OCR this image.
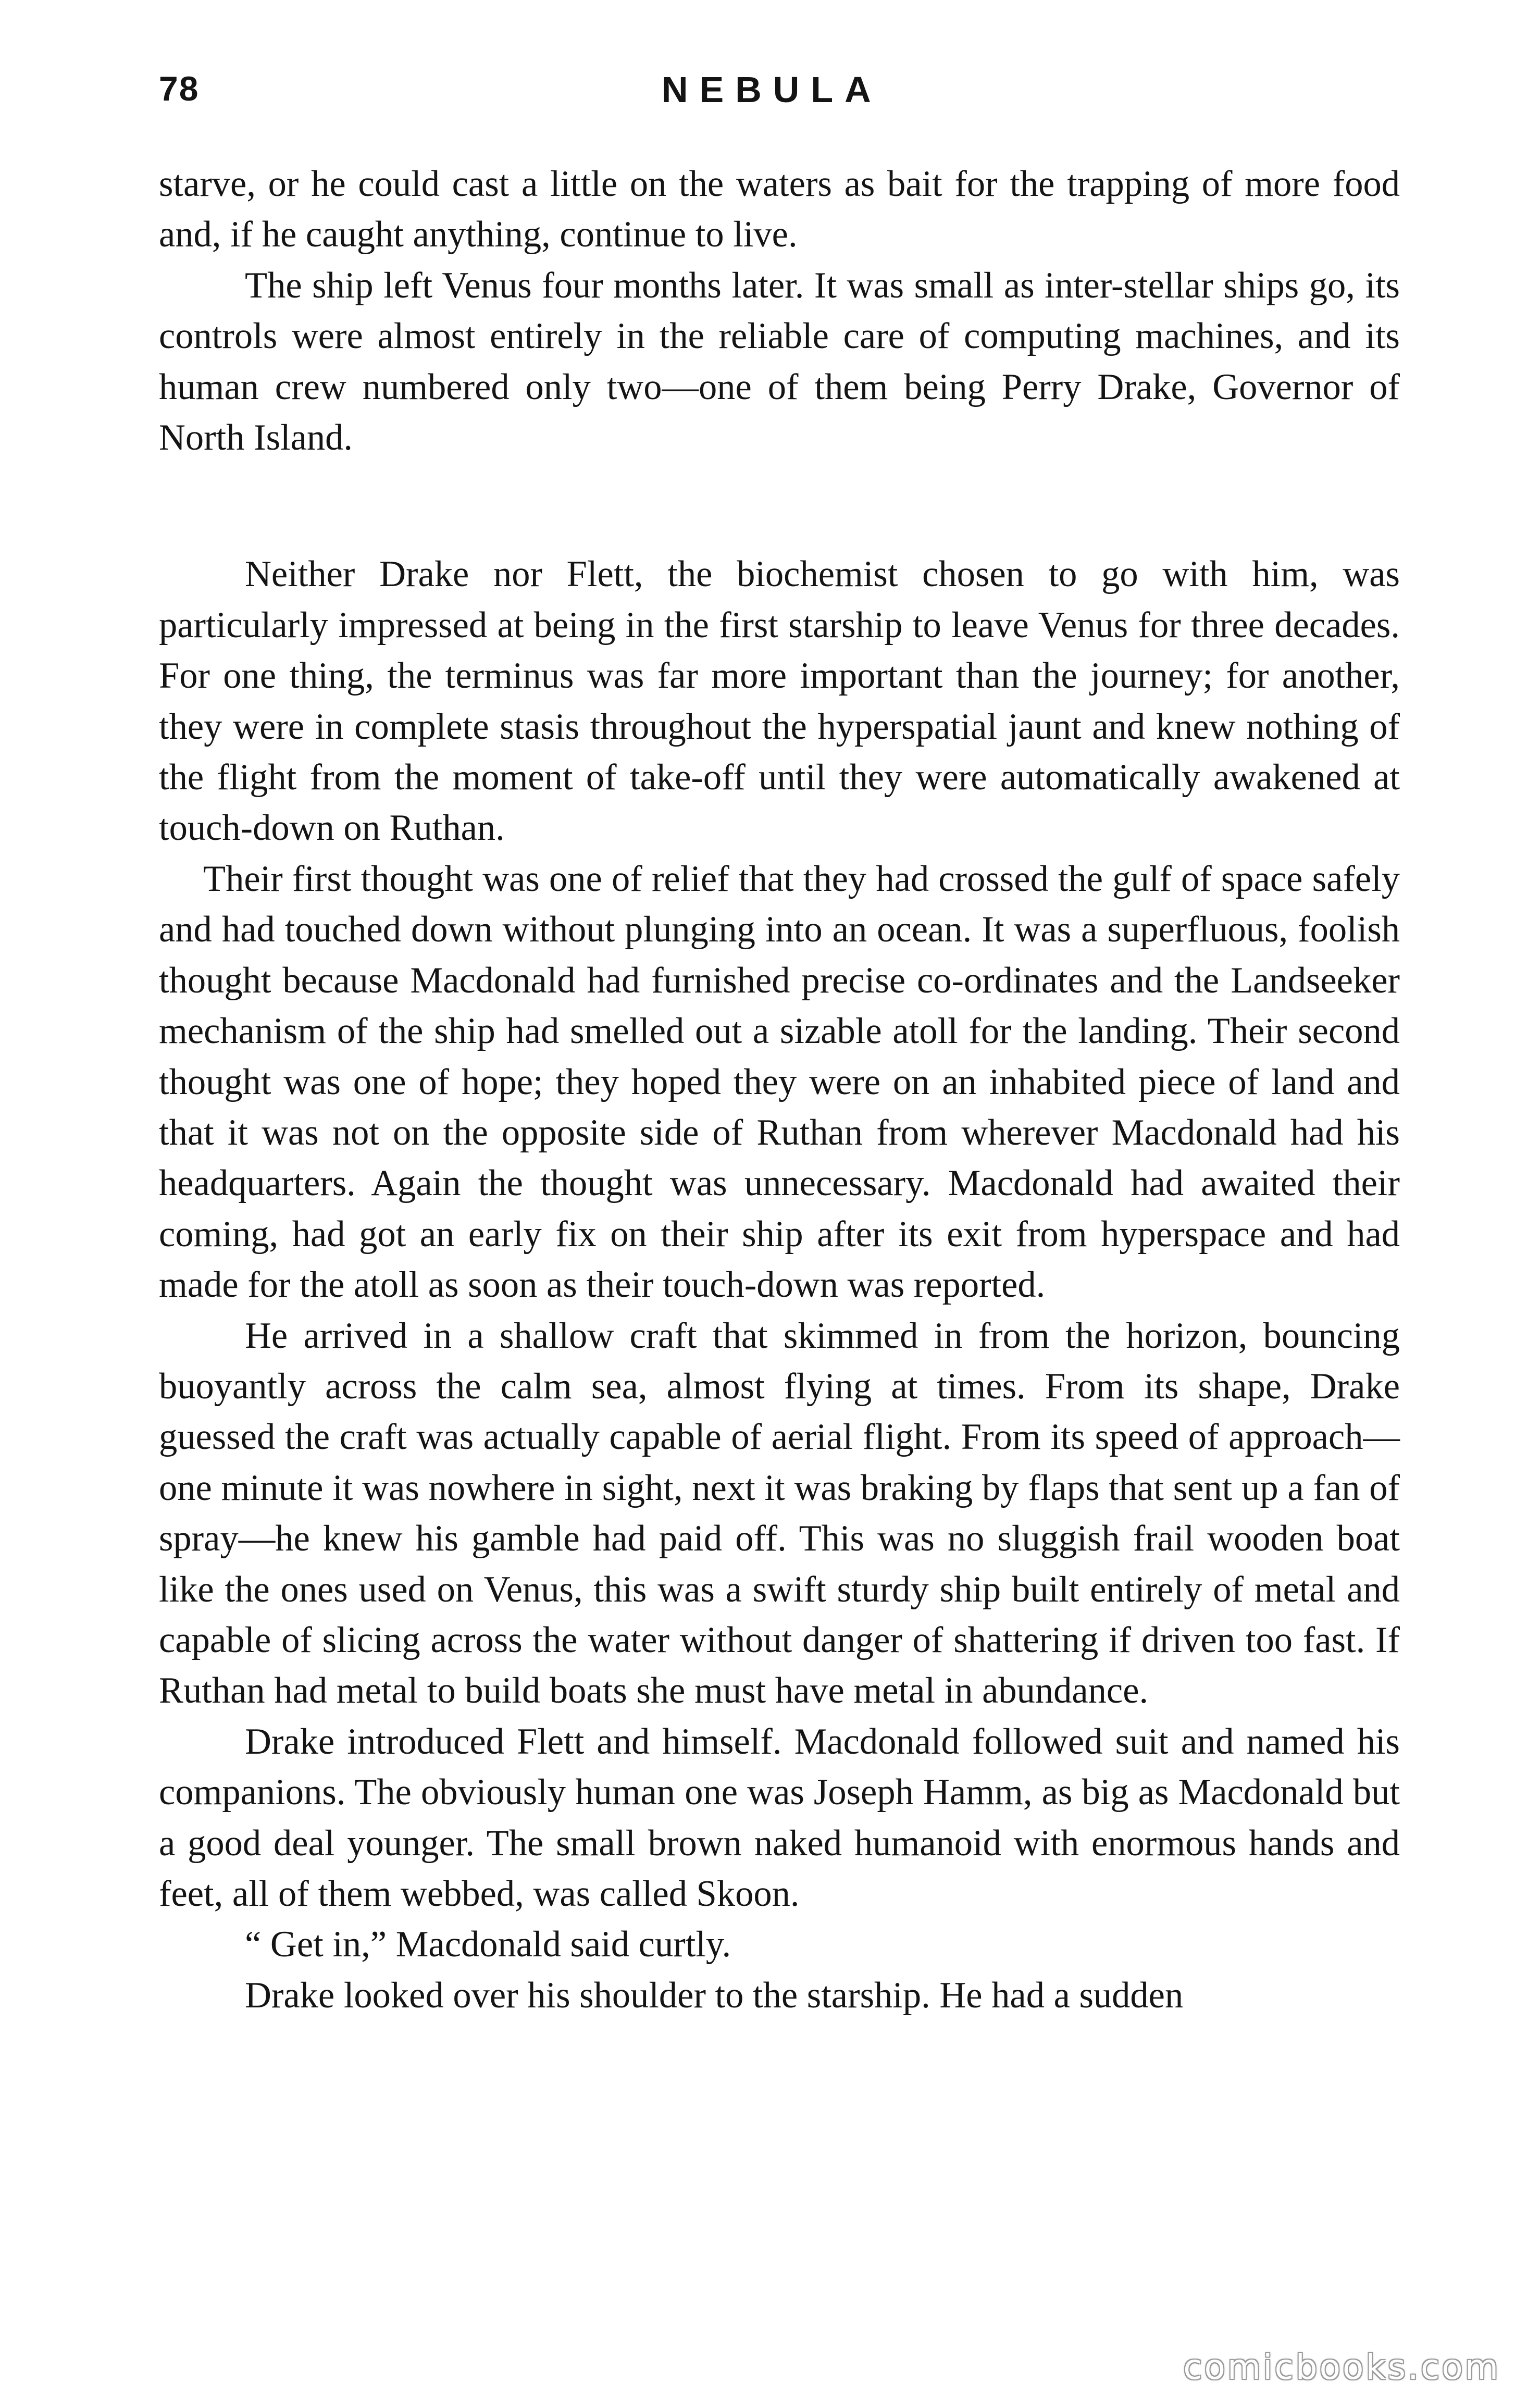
78	NEBULA

starve, or he could cast a little on the waters as bait for the trapping of more food and, if he caught anything, continue to live.

The ship left Venus four months later. It was small as inter-stellar ships go, its controls were almost entirely in the reliable care of computing machines, and its human crew numbered only two—one of them being Perry Drake, Governor of North Island.

Neither Drake nor Flett, the biochemist chosen to go with him, was particularly impressed at being in the first starship to leave Venus for three decades. For one thing, the terminus was far more important than the journey; for another, they were in complete stasis throughout the hyperspatial jaunt and knew nothing of the flight from the moment of take-off until they were automatically awakened at touch-down on Ruthan.

Their first thought was one of relief that they had crossed the gulf of space safely and had touched down without plunging into an ocean. It was a superfluous, foolish thought because Macdonald had furnished precise co-ordinates and the Landseeker mechanism of the ship had smelled out a sizable atoll for the landing. Their second thought was one of hope; they hoped they were on an inhabited piece of land and that it was not on the opposite side of Ruthan from wherever Macdonald had his headquarters. Again the thought was unnecessary. Macdonald had awaited their coming, had got an early fix on their ship after its exit from hyperspace and had made for the atoll as soon as their touch-down was reported.

He arrived in a shallow craft that skimmed in from the horizon, bouncing buoyantly across the calm sea, almost flying at times. From its shape, Drake guessed the craft was actually capable of aerial flight. From its speed of approach—one minute it was nowhere in sight, next it was braking by flaps that sent up a fan of spray—he knew his gamble had paid off. This was no sluggish frail wooden boat like the ones used on Venus, this was a swift sturdy ship built entirely of metal and capable of slicing across the water without danger of shattering if driven too fast. If Ruthan had metal to build boats she must have metal in abundance.

Drake introduced Flett and himself. Macdonald followed suit and named his companions. The obviously human one was Joseph Hamm, as big as Macdonald but a good deal younger. The small brown naked humanoid with enormous hands and feet, all of them webbed, was called Skoon.

“ Get in,” Macdonald said curtly.

Drake looked over his shoulder to the starship. He had a sudden

comicbooks.com
